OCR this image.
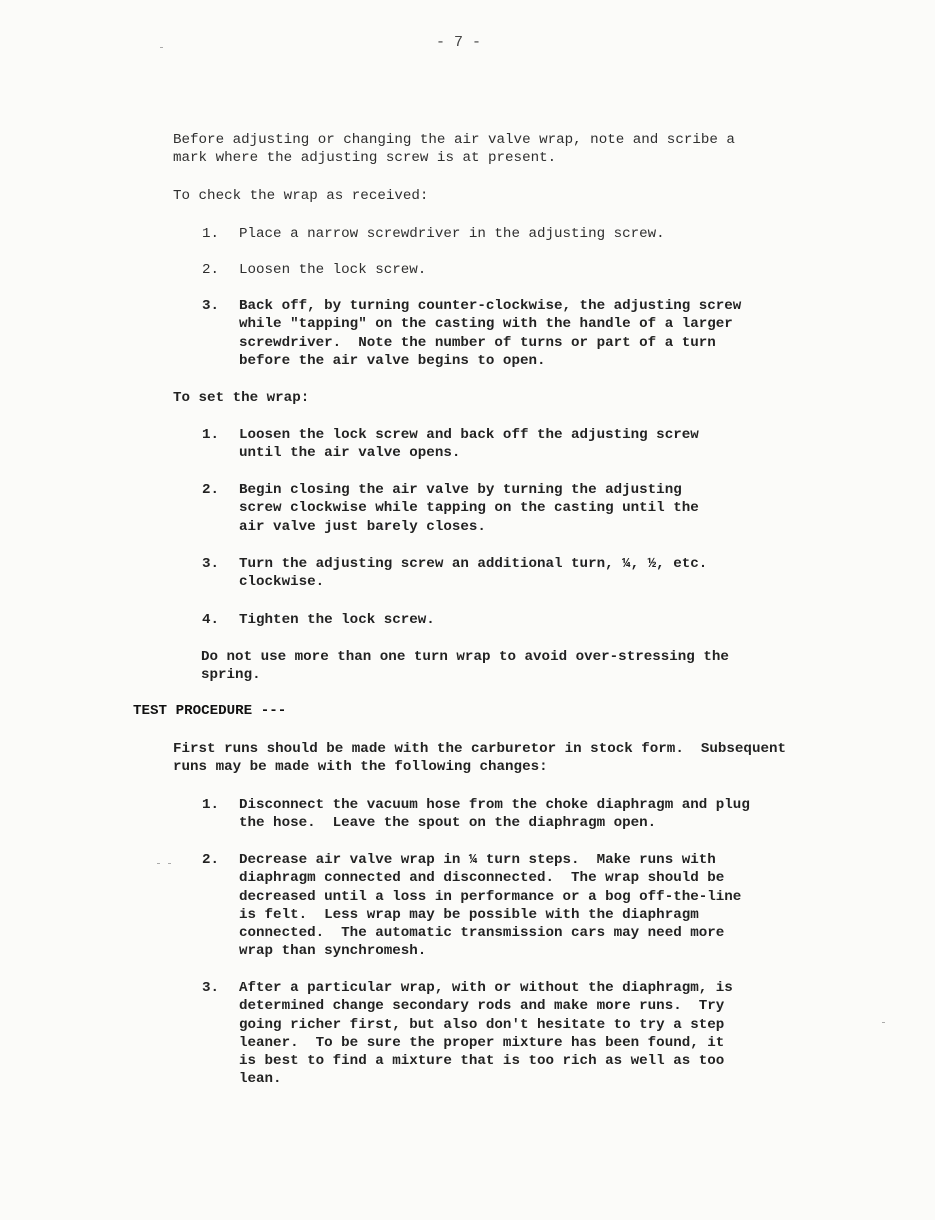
- 7 -

Before adjusting or changing the air valve wrap, note and scribe a
mark where the adjusting screw is at present.

To check the wrap as received:

1.	Place a narrow screwdriver in the adjusting screw.
2.	Loosen the lock screw.
3.	Back off, by turning counter-clockwise, the adjusting screw
while "tapping" on the casting with the handle of a larger
screwdriver.  Note the number of turns or part of a turn
before the air valve begins to open.

To set the wrap:

1.	Loosen the lock screw and back off the adjusting screw
until the air valve opens.
2.	Begin closing the air valve by turning the adjusting
screw clockwise while tapping on the casting until the
air valve just barely closes.
3.	Turn the adjusting screw an additional turn, ¼, ½, etc.
clockwise.
4.	Tighten the lock screw.

Do not use more than one turn wrap to avoid over-stressing the
spring.

TEST PROCEDURE ---

First runs should be made with the carburetor in stock form.  Subsequent
runs may be made with the following changes:

1.	Disconnect the vacuum hose from the choke diaphragm and plug
the hose.  Leave the spout on the diaphragm open.
2.	Decrease air valve wrap in ¼ turn steps.  Make runs with
diaphragm connected and disconnected.  The wrap should be
decreased until a loss in performance or a bog off-the-line
is felt.  Less wrap may be possible with the diaphragm
connected.  The automatic transmission cars may need more
wrap than synchromesh.
3.	After a particular wrap, with or without the diaphragm, is
determined change secondary rods and make more runs.  Try
going richer first, but also don't hesitate to try a step
leaner.  To be sure the proper mixture has been found, it
is best to find a mixture that is too rich as well as too
lean.
